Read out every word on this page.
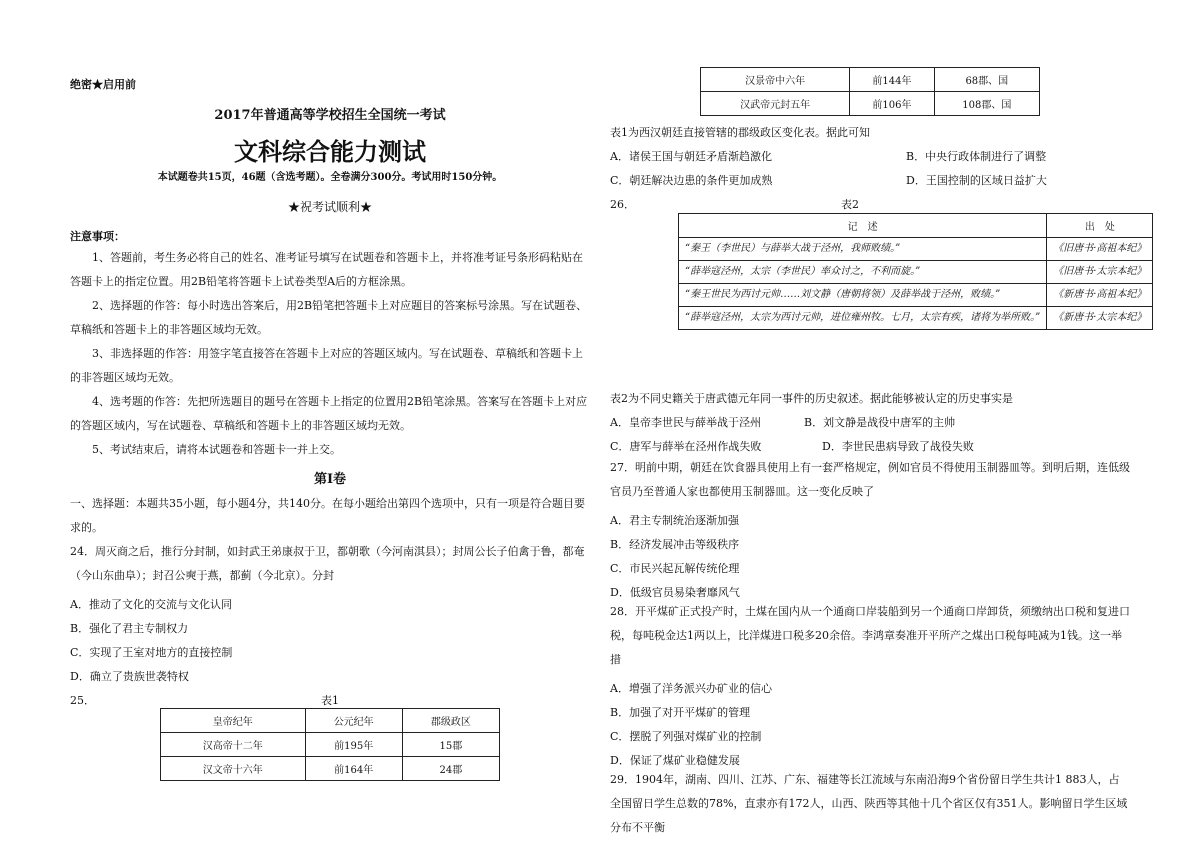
绝密★启用前
2017年普通高等学校招生全国统一考试
文科综合能力测试
本试题卷共15页，46题（含选考题）。全卷满分300分。考试用时150分钟。
★祝考试顺利★
注意事项：
1、答题前，考生务必将自己的姓名、准考证号填写在试题卷和答题卡上，并将准考证号条形码粘贴在答题卡上的指定位置。用2B铅笔将答题卡上试卷类型A后的方框涂黑。
2、选择题的作答：每小时选出答案后，用2B铅笔把答题卡上对应题目的答案标号涂黑。写在试题卷、草稿纸和答题卡上的非答题区域均无效。
3、非选择题的作答：用签字笔直接答在答题卡上对应的答题区域内。写在试题卷、草稿纸和答题卡上的非答题区域均无效。
4、选考题的作答：先把所选题目的题号在答题卡上指定的位置用2B铅笔涂黑。答案写在答题卡上对应的答题区域内，写在试题卷、草稿纸和答题卡上的非答题区域均无效。
5、考试结束后，请将本试题卷和答题卡一并上交。
第Ⅰ卷
一、选择题：本题共35小题，每小题4分，共140分。在每小题给出第四个选项中，只有一项是符合题目要求的。
24．周灭商之后，推行分封制，如封武王弟康叔于卫，都朝歌（今河南淇县）；封周公长子伯禽于鲁，都奄（今山东曲阜）；封召公奭于燕，都蓟（今北京）。分封
A．推动了文化的交流与文化认同
B．强化了君主专制权力
C．实现了王室对地方的直接控制
D．确立了贵族世袭特权
25．	表1
皇帝纪年	公元纪年	郡级政区
汉高帝十二年	前195年	15郡
汉文帝十六年	前164年	24郡
汉景帝中六年	前144年	68郡、国
汉武帝元封五年	前106年	108郡、国
表1为西汉朝廷直接管辖的郡级政区变化表。据此可知
A．诸侯王国与朝廷矛盾渐趋激化	B．中央行政体制进行了调整
C．朝廷解决边患的条件更加成熟	D．王国控制的区域日益扩大
26．	表2
记　述	出　处
“秦王（李世民）与薛举大战于泾州，我师败绩。”	《旧唐书·高祖本纪》
“薛举寇泾州，太宗（李世民）率众讨之，不利而旋。”	《旧唐书·太宗本纪》
“秦王世民为西讨元帅……刘文静（唐朝将领）及薛举战于泾州，败绩。”	《新唐书·高祖本纪》
“薛举寇泾州，太宗为西讨元帅，进位雍州牧。七月，太宗有疾，诸将为举所败。”	《新唐书·太宗本纪》
表2为不同史籍关于唐武德元年同一事件的历史叙述。据此能够被认定的历史事实是
A．皇帝李世民与薛举战于泾州	B．刘文静是战役中唐军的主帅
C．唐军与薛举在泾州作战失败	D．李世民患病导致了战役失败
27．明前中期，朝廷在饮食器具使用上有一套严格规定，例如官员不得使用玉制器皿等。到明后期，连低级官员乃至普通人家也都使用玉制器皿。这一变化反映了
A．君主专制统治逐渐加强
B．经济发展冲击等级秩序
C．市民兴起瓦解传统伦理
D．低级官员易染奢靡风气
28．开平煤矿正式投产时，土煤在国内从一个通商口岸装船到另一个通商口岸卸货，须缴纳出口税和复进口税，每吨税金达1两以上，比洋煤进口税多20余倍。李鸿章奏准开平所产之煤出口税每吨减为1钱。这一举措
A．增强了洋务派兴办矿业的信心
B．加强了对开平煤矿的管理
C．摆脱了列强对煤矿业的控制
D．保证了煤矿业稳健发展
29．1904年，湖南、四川、江苏、广东、福建等长江流域与东南沿海9个省份留日学生共计1 883人，占全国留日学生总数的78%，直隶亦有172人，山西、陕西等其他十几个省区仅有351人。影响留日学生区域分布不平衡
